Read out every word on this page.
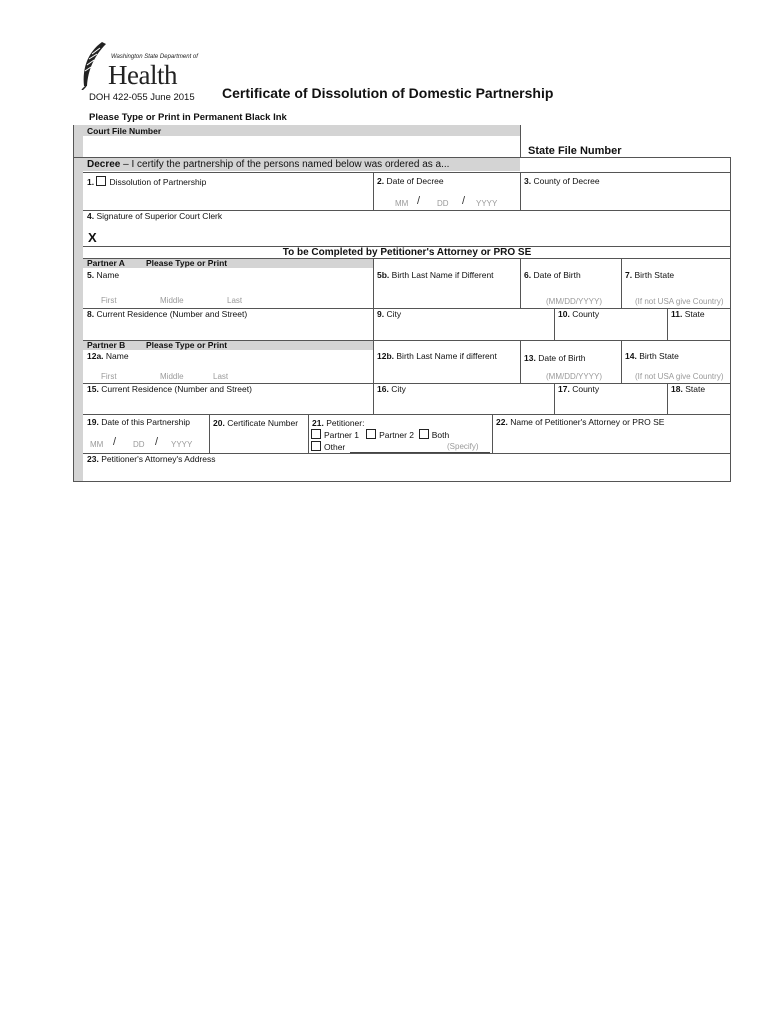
Washington State Department of
Health
DOH 422-055 June 2015 Certificate of Dissolution of Domestic Partnership
Please Type or Print in Permanent Black Ink
Court File Number
State File Number
Decree – I certify the partnership of the persons named below was ordered as a...
1. Dissolution of Partnership	2. Date of Decree
MM / DD / YYYY
3. County of Decree
4. Signature of Superior Court Clerk
X
To be Completed by Petitioner's Attorney or PRO SE
Partner A Please Type or Print
5. Name
First	Middle	Last
5b. Birth Last Name if Different	6. Date of Birth
(MM/DD/YYYY)
7. Birth State
(If not USA give Country)
8. Current Residence (Number and Street)	9. City	10. County	11. State
Partner B Please Type or Print
12a. Name
First	Middle	Last
12b. Birth Last Name if different	13. Date of Birth
(MM/DD/YYYY)
14. Birth State
(If not USA give Country)
15. Current Residence (Number and Street)	16. City	17. County	18. State
19. Date of this Partnership
MM / DD / YYYY
20. Certificate Number 21. Petitioner:
Partner 1 Partner 2 Both
Other	(Specify)
22. Name of Petitioner's Attorney or PRO SE
23. Petitioner's Attorney's Address
